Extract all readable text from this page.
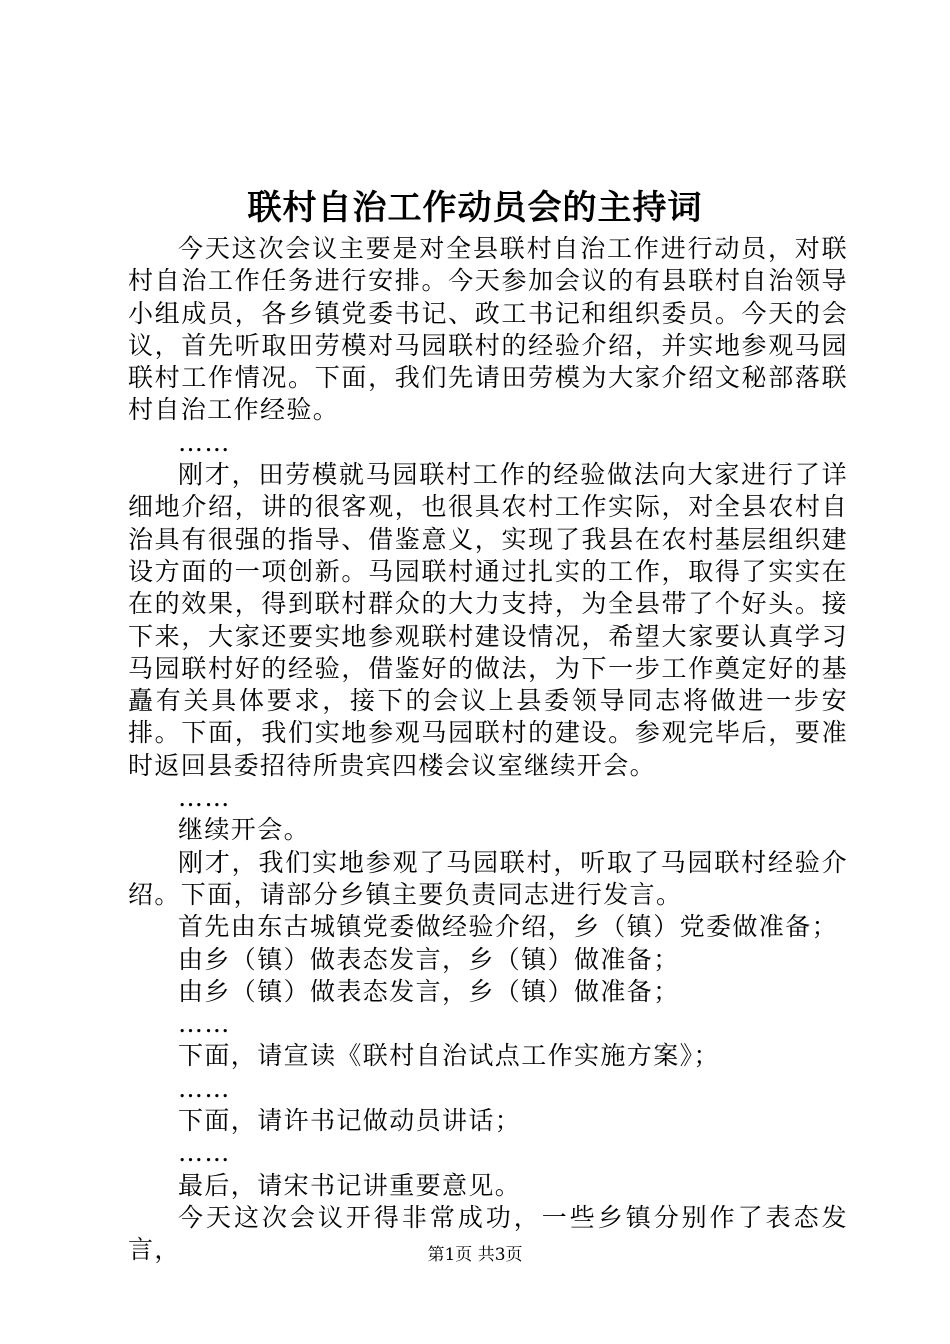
联村自治工作动员会的主持词

今天这次会议主要是对全县联村自治工作进行动员，对联村自治工作任务进行安排。今天参加会议的有县联村自治领导小组成员，各乡镇党委书记、政工书记和组织委员。今天的会议，首先听取田劳模对马园联村的经验介绍，并实地参观马园联村工作情况。下面，我们先请田劳模为大家介绍文秘部落联村自治工作经验。

……

刚才，田劳模就马园联村工作的经验做法向大家进行了详细地介绍，讲的很客观，也很具农村工作实际，对全县农村自治具有很强的指导、借鉴意义，实现了我县在农村基层组织建设方面的一项创新。马园联村通过扎实的工作，取得了实实在在的效果，得到联村群众的大力支持，为全县带了个好头。接下来，大家还要实地参观联村建设情况，希望大家要认真学习马园联村好的经验，借鉴好的做法，为下一步工作奠定好的基矗有关具体要求，接下的会议上县委领导同志将做进一步安排。下面，我们实地参观马园联村的建设。参观完毕后，要准时返回县委招待所贵宾四楼会议室继续开会。

……

继续开会。

刚才，我们实地参观了马园联村，听取了马园联村经验介绍。下面，请部分乡镇主要负责同志进行发言。

首先由东古城镇党委做经验介绍，乡（镇）党委做准备；

由乡（镇）做表态发言，乡（镇）做准备；

由乡（镇）做表态发言，乡（镇）做准备；

……

下面，请宣读《联村自治试点工作实施方案》；

……

下面，请许书记做动员讲话；

……

最后，请宋书记讲重要意见。

今天这次会议开得非常成功，一些乡镇分别作了表态发言，	第1页 共3页
